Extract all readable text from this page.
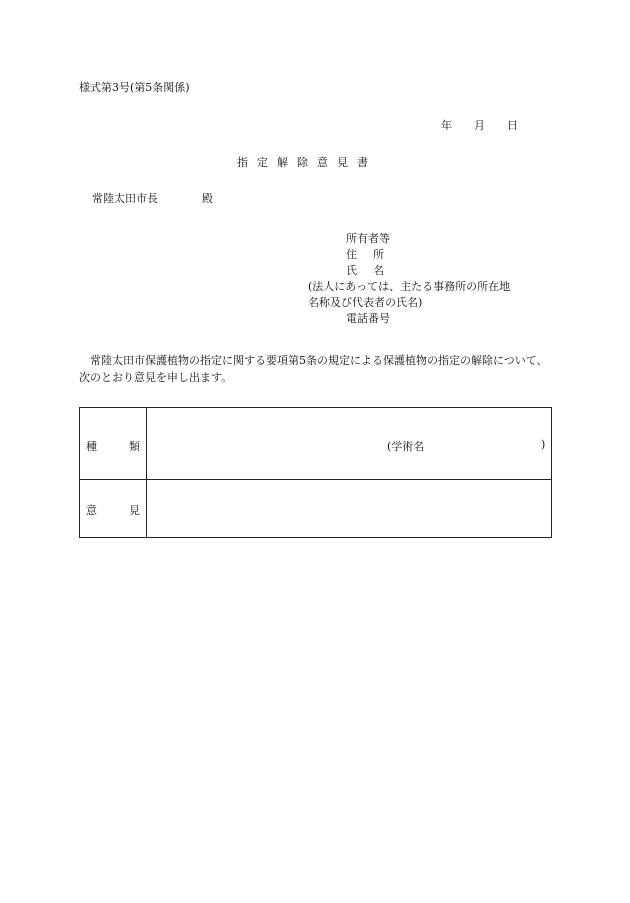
様式第3号(第5条関係)
年 月 日
指定解除意見書
常陸太田市長	殿
所有者等
住所
氏名
(法人にあっては、主たる事務所の所在地
名称及び代表者の氏名)
電話番号
常陸太田市保護植物の指定に関する要項第5条の規定による保護植物の指定の解除について、次のとおり意見を申し出ます。
種	類	(学術名	)
意	見
